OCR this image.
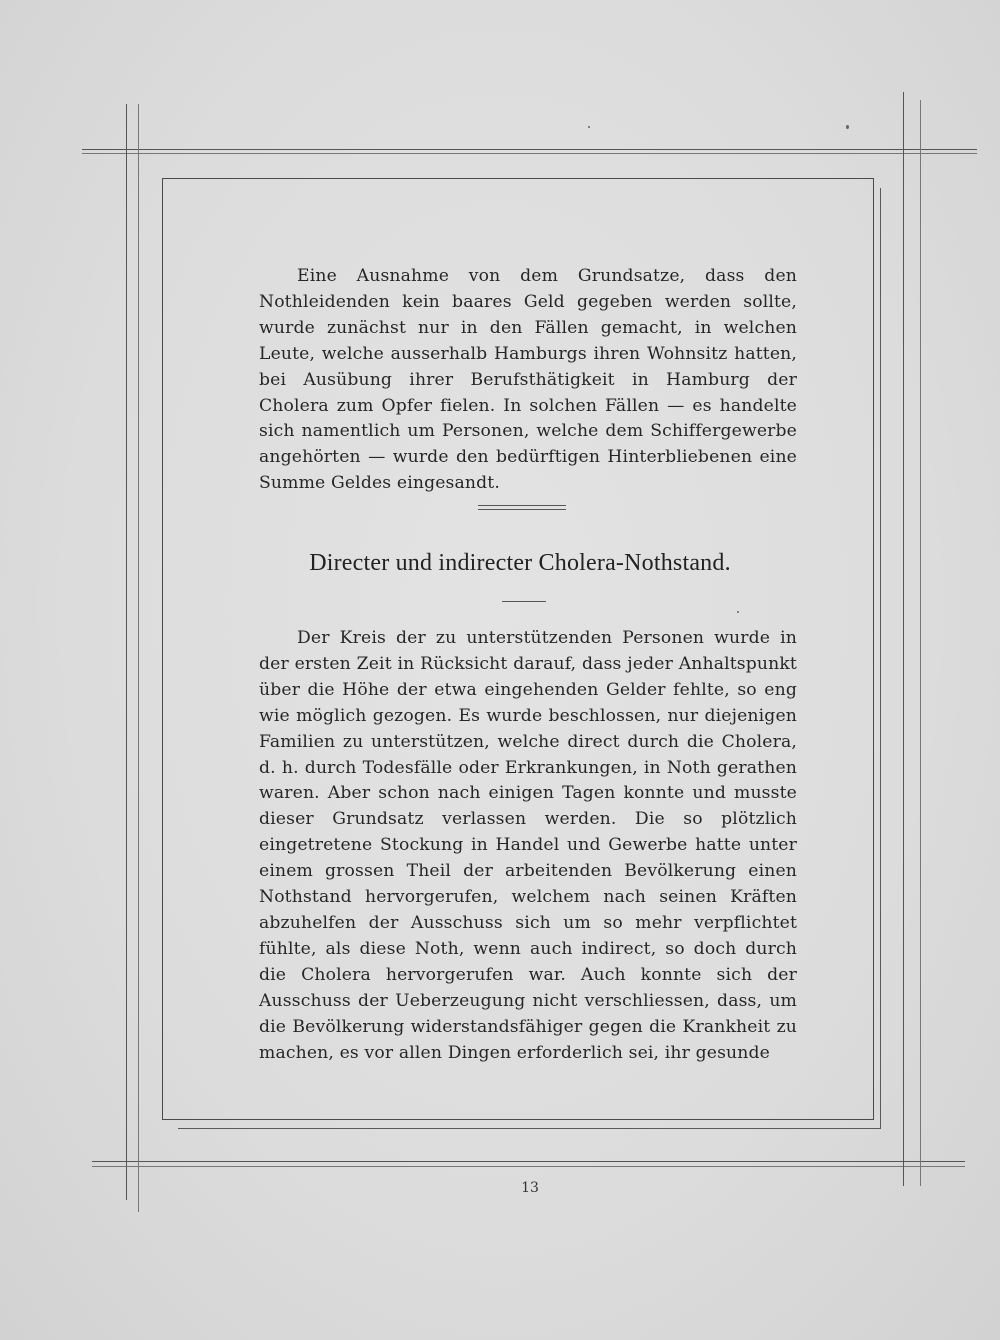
Eine Ausnahme von dem Grundsatze, dass den Nothleidenden kein baares Geld gegeben werden sollte, wurde zunächst nur in den Fällen gemacht, in welchen Leute, welche ausserhalb Hamburgs ihren Wohnsitz hatten, bei Ausübung ihrer Berufsthätigkeit in Hamburg der Cholera zum Opfer fielen. In solchen Fällen — es handelte sich namentlich um Personen, welche dem Schiffergewerbe angehörten — wurde den bedürftigen Hinterbliebenen eine Summe Geldes eingesandt.

Directer und indirecter Cholera-Nothstand.

Der Kreis der zu unterstützenden Personen wurde in der ersten Zeit in Rücksicht darauf, dass jeder Anhaltspunkt über die Höhe der etwa eingehenden Gelder fehlte, so eng wie möglich gezogen. Es wurde beschlossen, nur diejenigen Familien zu unterstützen, welche direct durch die Cholera, d. h. durch Todesfälle oder Erkrankungen, in Noth gerathen waren. Aber schon nach einigen Tagen konnte und musste dieser Grundsatz verlassen werden. Die so plötzlich eingetretene Stockung in Handel und Gewerbe hatte unter einem grossen Theil der arbeitenden Bevölkerung einen Nothstand hervorgerufen, welchem nach seinen Kräften abzuhelfen der Ausschuss sich um so mehr verpflichtet fühlte, als diese Noth, wenn auch indirect, so doch durch die Cholera hervorgerufen war. Auch konnte sich der Ausschuss der Ueberzeugung nicht verschliessen, dass, um die Bevölkerung widerstandsfähiger gegen die Krankheit zu machen, es vor allen Dingen erforderlich sei, ihr gesunde

13
